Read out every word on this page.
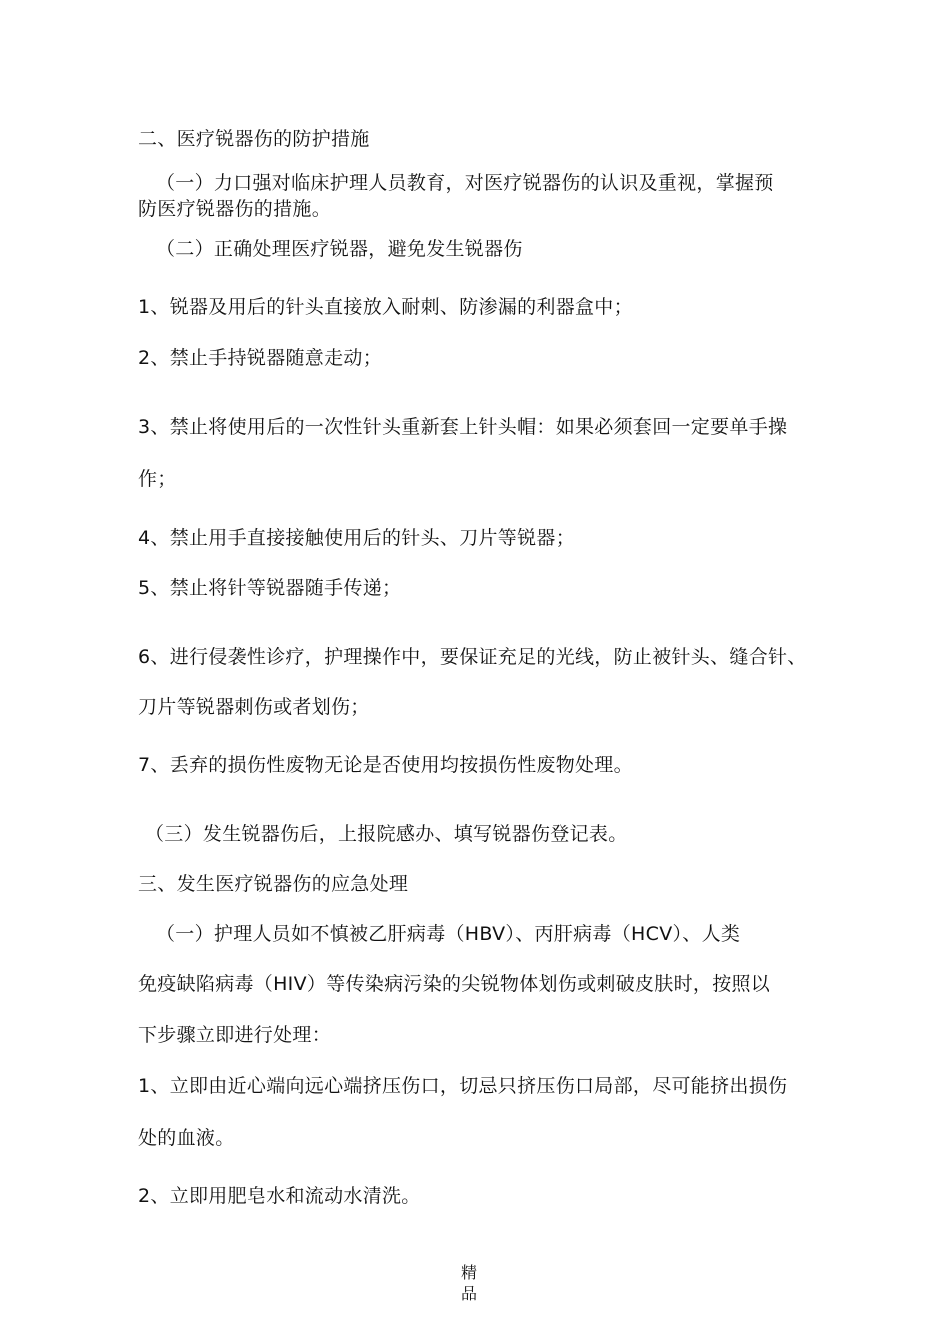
二、医疗锐器伤的防护措施
（一）力口强对临床护理人员教育，对医疗锐器伤的认识及重视，掌握预
防医疗锐器伤的措施。
（二）正确处理医疗锐器，避免发生锐器伤
1、锐器及用后的针头直接放入耐刺、防渗漏的利器盒中；
2、禁止手持锐器随意走动；
3、禁止将使用后的一次性针头重新套上针头帽：如果必须套回一定要单手操
作；
4、禁止用手直接接触使用后的针头、刀片等锐器；
5、禁止将针等锐器随手传递；
6、进行侵袭性诊疗，护理操作中，要保证充足的光线，防止被针头、缝合针、
刀片等锐器刺伤或者划伤；
7、丢弃的损伤性废物无论是否使用均按损伤性废物处理。
（三）发生锐器伤后，上报院感办、填写锐器伤登记表。
三、发生医疗锐器伤的应急处理
（一）护理人员如不慎被乙肝病毒（HBV）、丙肝病毒（HCV）、人类
免疫缺陷病毒（HIV）等传染病污染的尖锐物体划伤或刺破皮肤时，按照以
下步骤立即进行处理：
1、立即由近心端向远心端挤压伤口，切忌只挤压伤口局部，尽可能挤出损伤
处的血液。
2、立即用肥皂水和流动水清洗。
精
品
